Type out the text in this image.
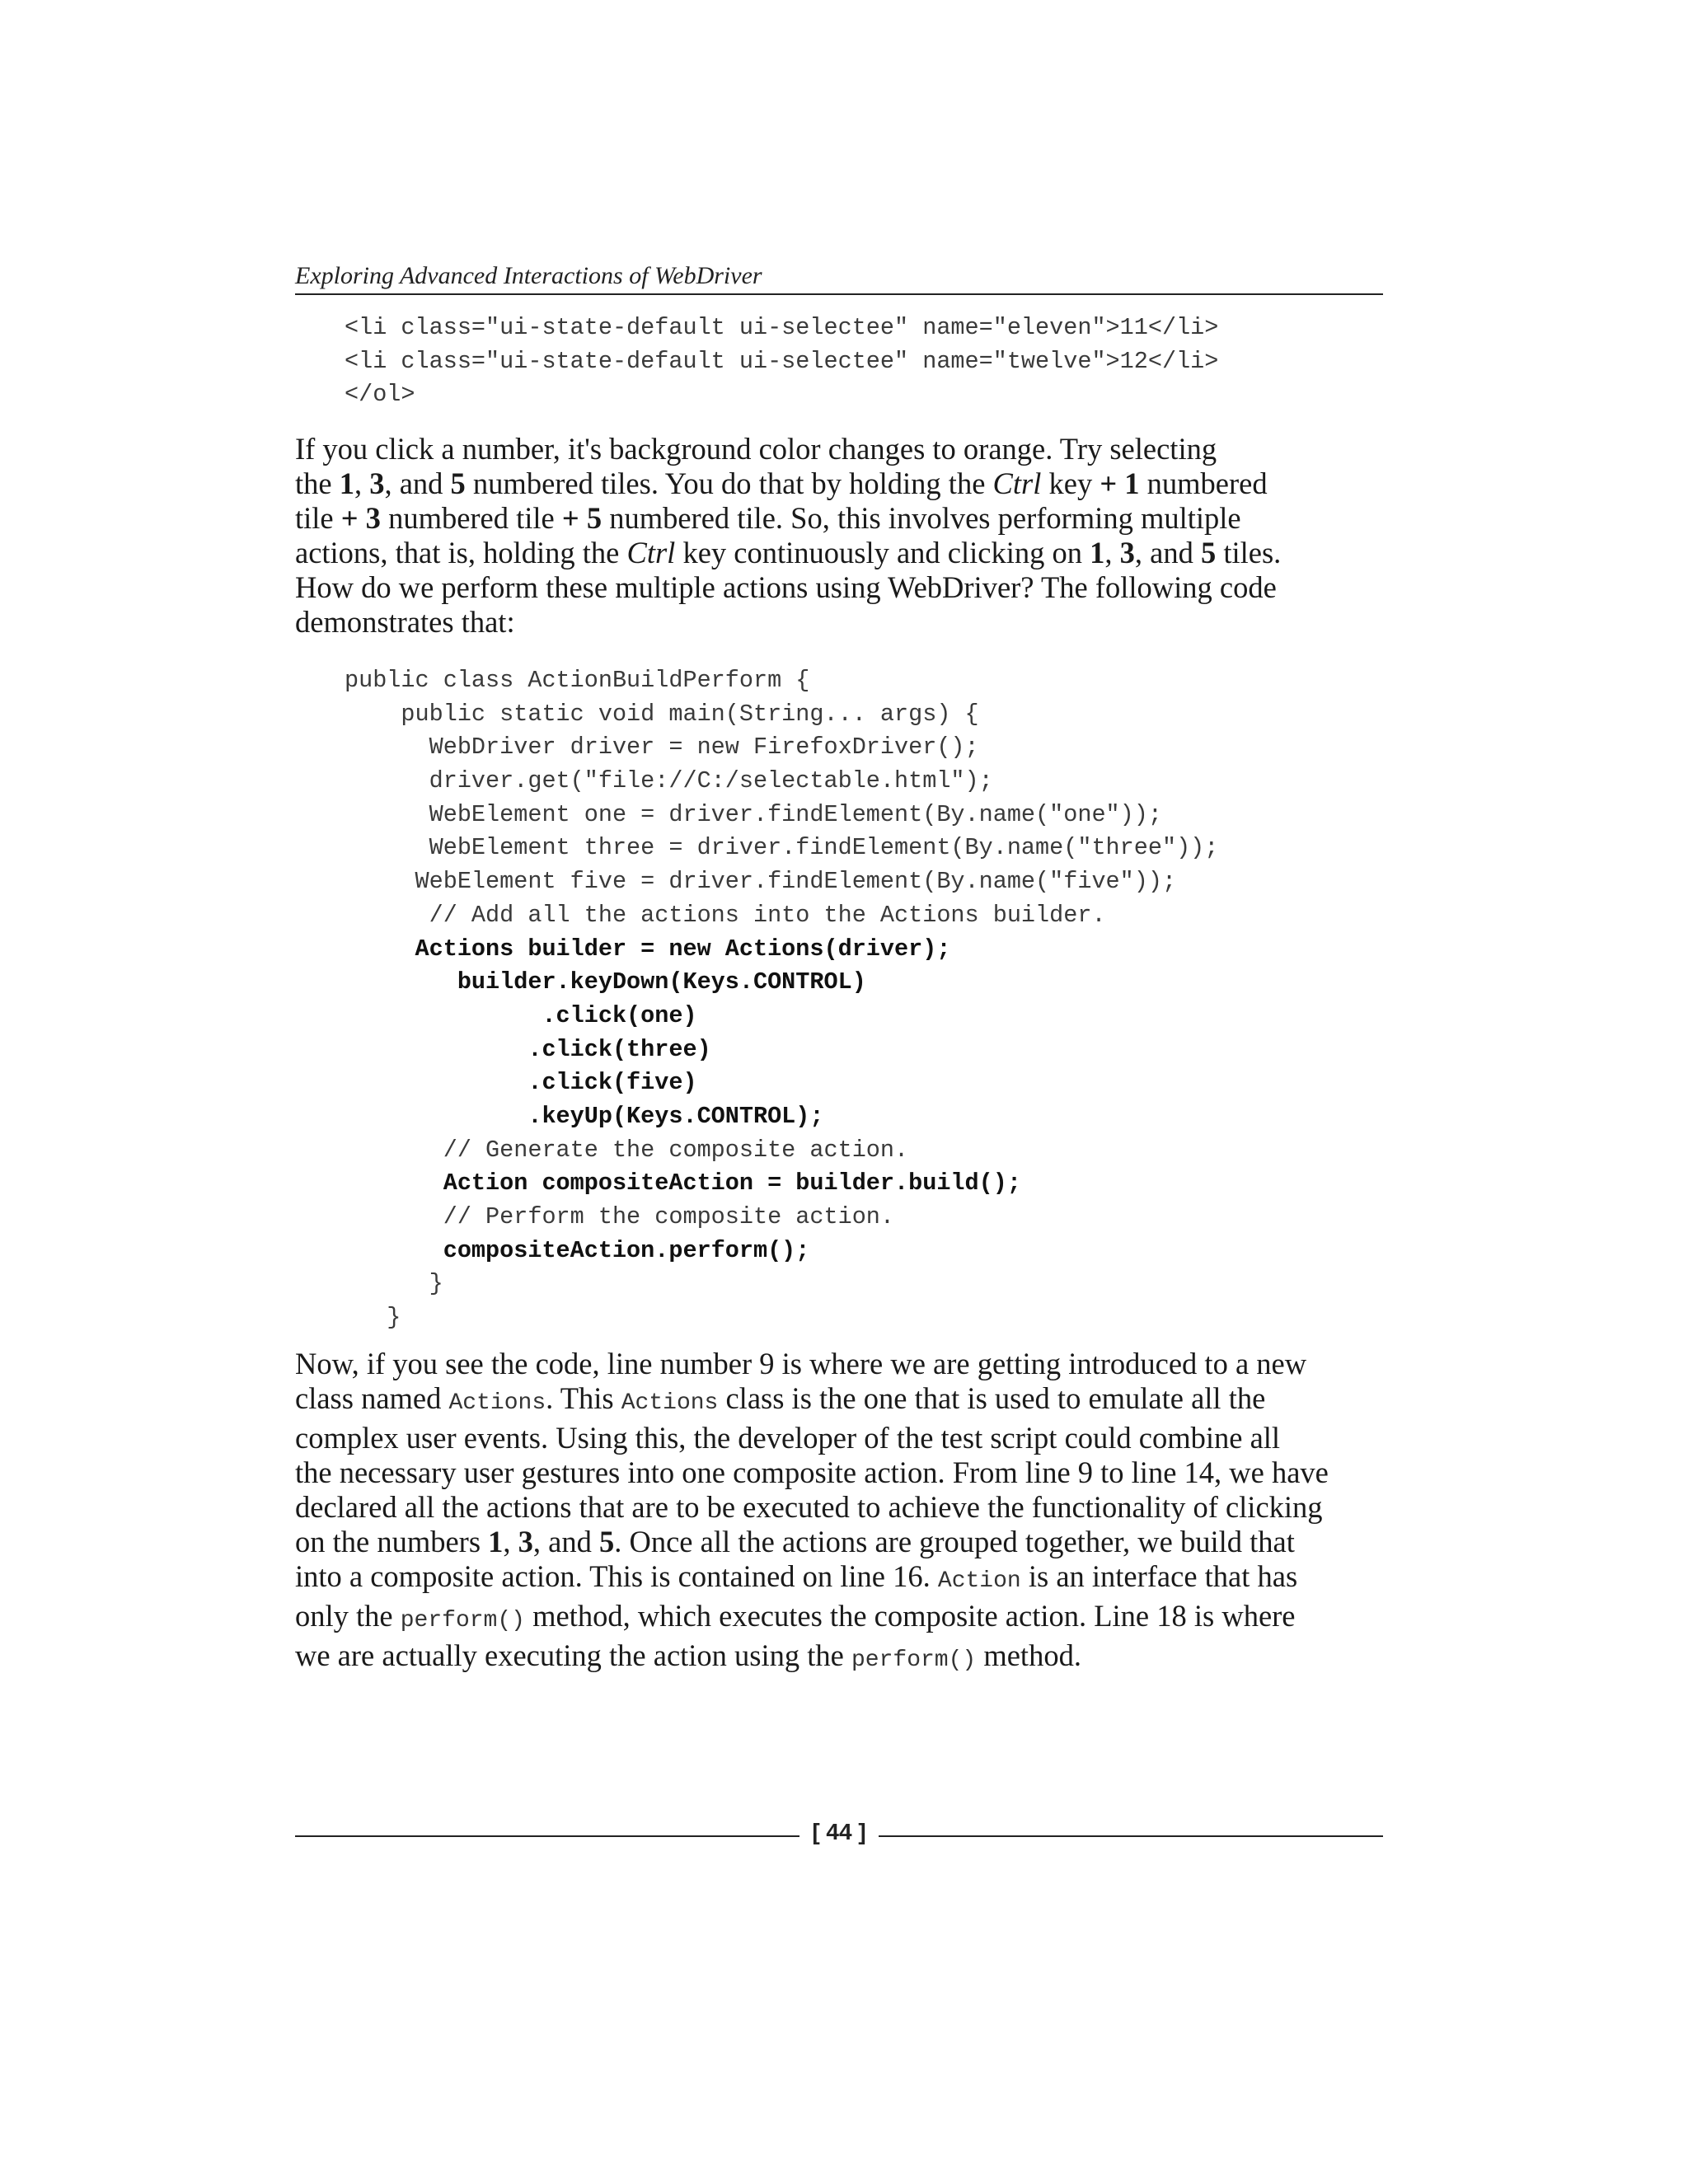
Exploring Advanced Interactions of WebDriver
<li class="ui-state-default ui-selectee" name="eleven">11</li>
<li class="ui-state-default ui-selectee" name="twelve">12</li>
</ol>
If you click a number, it's background color changes to orange. Try selecting
the 1, 3, and 5 numbered tiles. You do that by holding the Ctrl key + 1 numbered
tile + 3 numbered tile + 5 numbered tile. So, this involves performing multiple
actions, that is, holding the Ctrl key continuously and clicking on 1, 3, and 5 tiles.
How do we perform these multiple actions using WebDriver? The following code
demonstrates that:
public class ActionBuildPerform {
public static void main(String... args) {
WebDriver driver = new FirefoxDriver();
driver.get("file://C:/selectable.html");
WebElement one = driver.findElement(By.name("one"));
WebElement three = driver.findElement(By.name("three"));
WebElement five = driver.findElement(By.name("five"));
// Add all the actions into the Actions builder.
Actions builder = new Actions(driver);
builder.keyDown(Keys.CONTROL)
.click(one)
.click(three)
.click(five)
.keyUp(Keys.CONTROL);
// Generate the composite action.
Action compositeAction = builder.build();
// Perform the composite action.
compositeAction.perform();
}
}
Now, if you see the code, line number 9 is where we are getting introduced to a new
class named Actions. This Actions class is the one that is used to emulate all the
complex user events. Using this, the developer of the test script could combine all
the necessary user gestures into one composite action. From line 9 to line 14, we have
declared all the actions that are to be executed to achieve the functionality of clicking
on the numbers 1, 3, and 5. Once all the actions are grouped together, we build that
into a composite action. This is contained on line 16. Action is an interface that has
only the perform() method, which executes the composite action. Line 18 is where
we are actually executing the action using the perform() method.
[ 44 ]
